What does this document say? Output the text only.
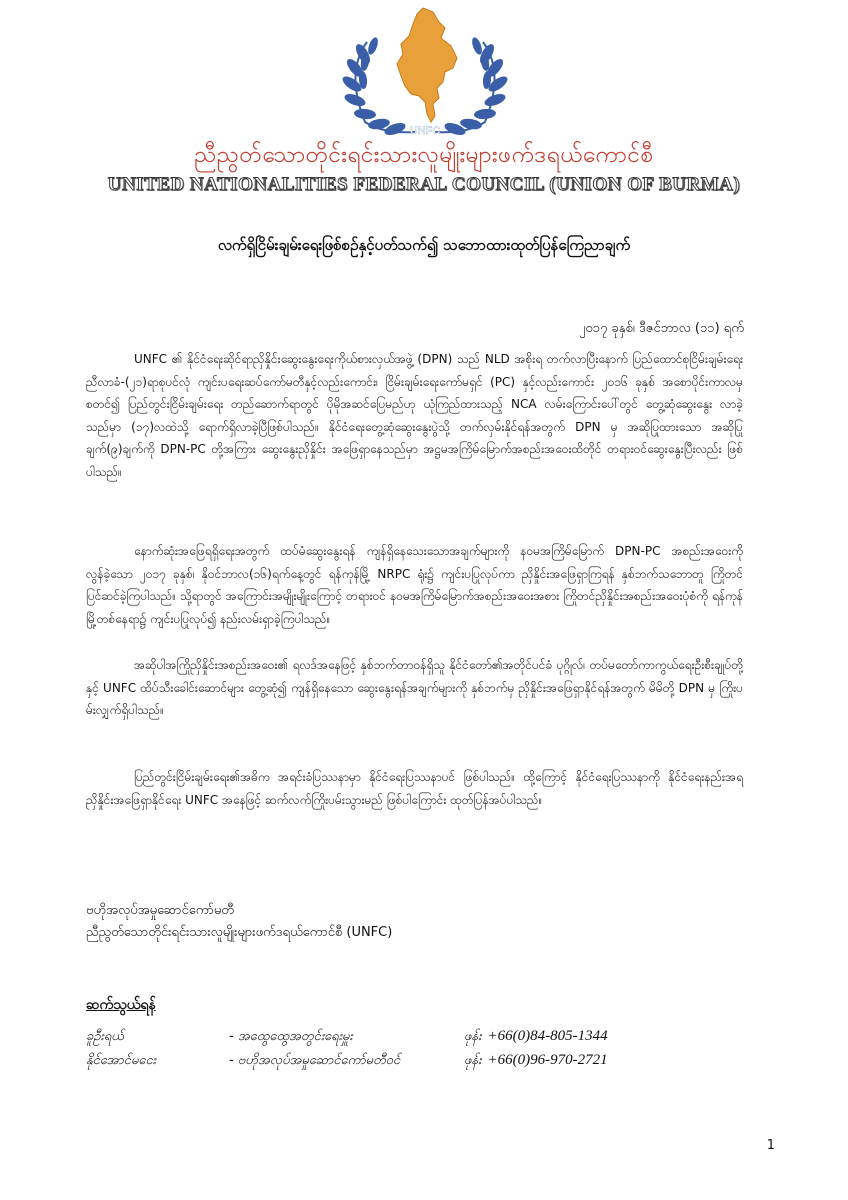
UNFC
ညီညွတ်သောတိုင်းရင်းသားလူမျိုးများဖက်ဒရယ်ကောင်စီ
UNITED NATIONALITIES FEDERAL COUNCIL (UNION OF BURMA)
လက်ရှိငြိမ်းချမ်းရေးဖြစ်စဉ်နှင့်ပတ်သက်၍ သဘောထားထုတ်ပြန်ကြေညာချက်
၂၀၁၇ ခုနှစ်၊ ဒီဇင်ဘာလ (၁၁) ရက်
UNFC ၏ နိုင်ငံရေးဆိုင်ရာညှိနှိုင်းဆွေးနွေးရေးကိုယ်စားလှယ်အဖွဲ့ (DPN) သည် NLD အစိုးရ တက်လာပြီးနောက် ပြည်ထောင်စုငြိမ်းချမ်းရေးညီလာခံ-(၂၁)ရာစုပင်လုံ ကျင်းပရေးဆပ်ကော်မတီနှင့်လည်းကောင်း၊ ငြိမ်းချမ်းရေးကော်မရှင် (PC) နှင့်လည်းကောင်း ၂၀၁၆ ခုနှစ် အစောပိုင်းကာလမှစတင်၍ ပြည်တွင်းငြိမ်းချမ်းရေး တည်ဆောက်ရာတွင် ပိုမိုအဆင်ပြေမည်ဟု ယုံကြည်ထားသည့် NCA လမ်းကြောင်းပေါ်တွင် တွေ့ဆုံဆွေးနွေး လာခဲ့သည်မှာ (၁၇)လထဲသို့ ရောက်ရှိလာခဲ့ပြီဖြစ်ပါသည်။ နိုင်ငံရေးတွေ့ဆုံဆွေးနွေးပွဲသို့ တက်လှမ်းနိုင်ရန်အတွက် DPN မှ အဆိုပြုထားသော အဆိုပြုချက်(၉)ချက်ကို DPN-PC တို့အကြား ဆွေးနွေးညှိနှိုင်း အဖြေရှာနေသည်မှာ အဋ္ဌမအကြိမ်မြောက်အစည်းအဝေးထိတိုင် တရားဝင်ဆွေးနွေးပြီးလည်း ဖြစ်ပါသည်။
နောက်ဆုံးအဖြေရရှိရေးအတွက် ထပ်မံဆွေးနွေးရန် ကျန်ရှိနေသေးသောအချက်များကို နဝမအကြိမ်မြောက် DPN-PC အစည်းအဝေးကို လွန်ခဲ့သော ၂၀၁၇ ခုနှစ်၊ နိုဝင်ဘာလ(၁၆)ရက်နေ့တွင် ရန်ကုန်မြို့ NRPC ရုံး၌ ကျင်းပပြုလုပ်ကာ ညှိနှိုင်းအဖြေရှာကြရန် နှစ်ဘက်သဘောတူ ကြိုတင်ပြင်ဆင်ခဲ့ကြပါသည်။ သို့ရာတွင် အကြောင်းအမျိုးမျိုးကြောင့် တရားဝင် နဝမအကြိမ်မြောက်အစည်းအဝေးအစား ကြိုတင်ညှိနှိုင်းအစည်းအဝေးပုံစံကို ရန်ကုန်မြို့တစ်နေရာ၌ ကျင်းပပြုလုပ်၍ နည်းလမ်းရှာခဲ့ကြပါသည်။
အဆိုပါအကြိုညှိနှိုင်းအစည်းအဝေး၏ ရလဒ်အနေဖြင့် နှစ်ဘက်တာဝန်ရှိသူ နိုင်ငံတော်၏အတိုင်ပင်ခံ ပုဂ္ဂိုလ်၊ တပ်မတော်ကာကွယ်ရေးဦးစီးချုပ်တို့နှင့် UNFC ထိပ်သီးခေါင်းဆောင်များ တွေ့ဆုံ၍ ကျန်ရှိနေသော ဆွေးနွေးရန်အချက်များကို နှစ်ဘက်မှ ညှိနှိုင်းအဖြေရှာနိုင်ရန်အတွက် မိမိတို့ DPN မှ ကြိုးပမ်းလျှက်ရှိပါသည်။
ပြည်တွင်းငြိမ်းချမ်းရေး၏အဓိက အရင်းခံပြဿနာမှာ နိုင်ငံရေးပြဿနာပင် ဖြစ်ပါသည်။ ထို့ကြောင့် နိုင်ငံရေးပြဿနာကို နိုင်ငံရေးနည်းအရ ညှိနှိုင်းအဖြေရှာနိုင်ရေး UNFC အနေဖြင့် ဆက်လက်ကြိုးပမ်းသွားမည် ဖြစ်ပါကြောင်း ထုတ်ပြန်အပ်ပါသည်။
ဗဟိုအလုပ်အမှုဆောင်ကော်မတီ
ညီညွတ်သောတိုင်းရင်းသားလူမျိုးများဖက်ဒရယ်ကောင်စီ (UNFC)
ဆက်သွယ်ရန်
ခူဦးရယ်	- အထွေထွေအတွင်းရေးမှူး	ဖုန်း +66(0)84-805-1344
နိုင်အောင်မငေး	- ဗဟိုအလုပ်အမှုဆောင်ကော်မတီဝင်	ဖုန်း +66(0)96-970-2721
1
